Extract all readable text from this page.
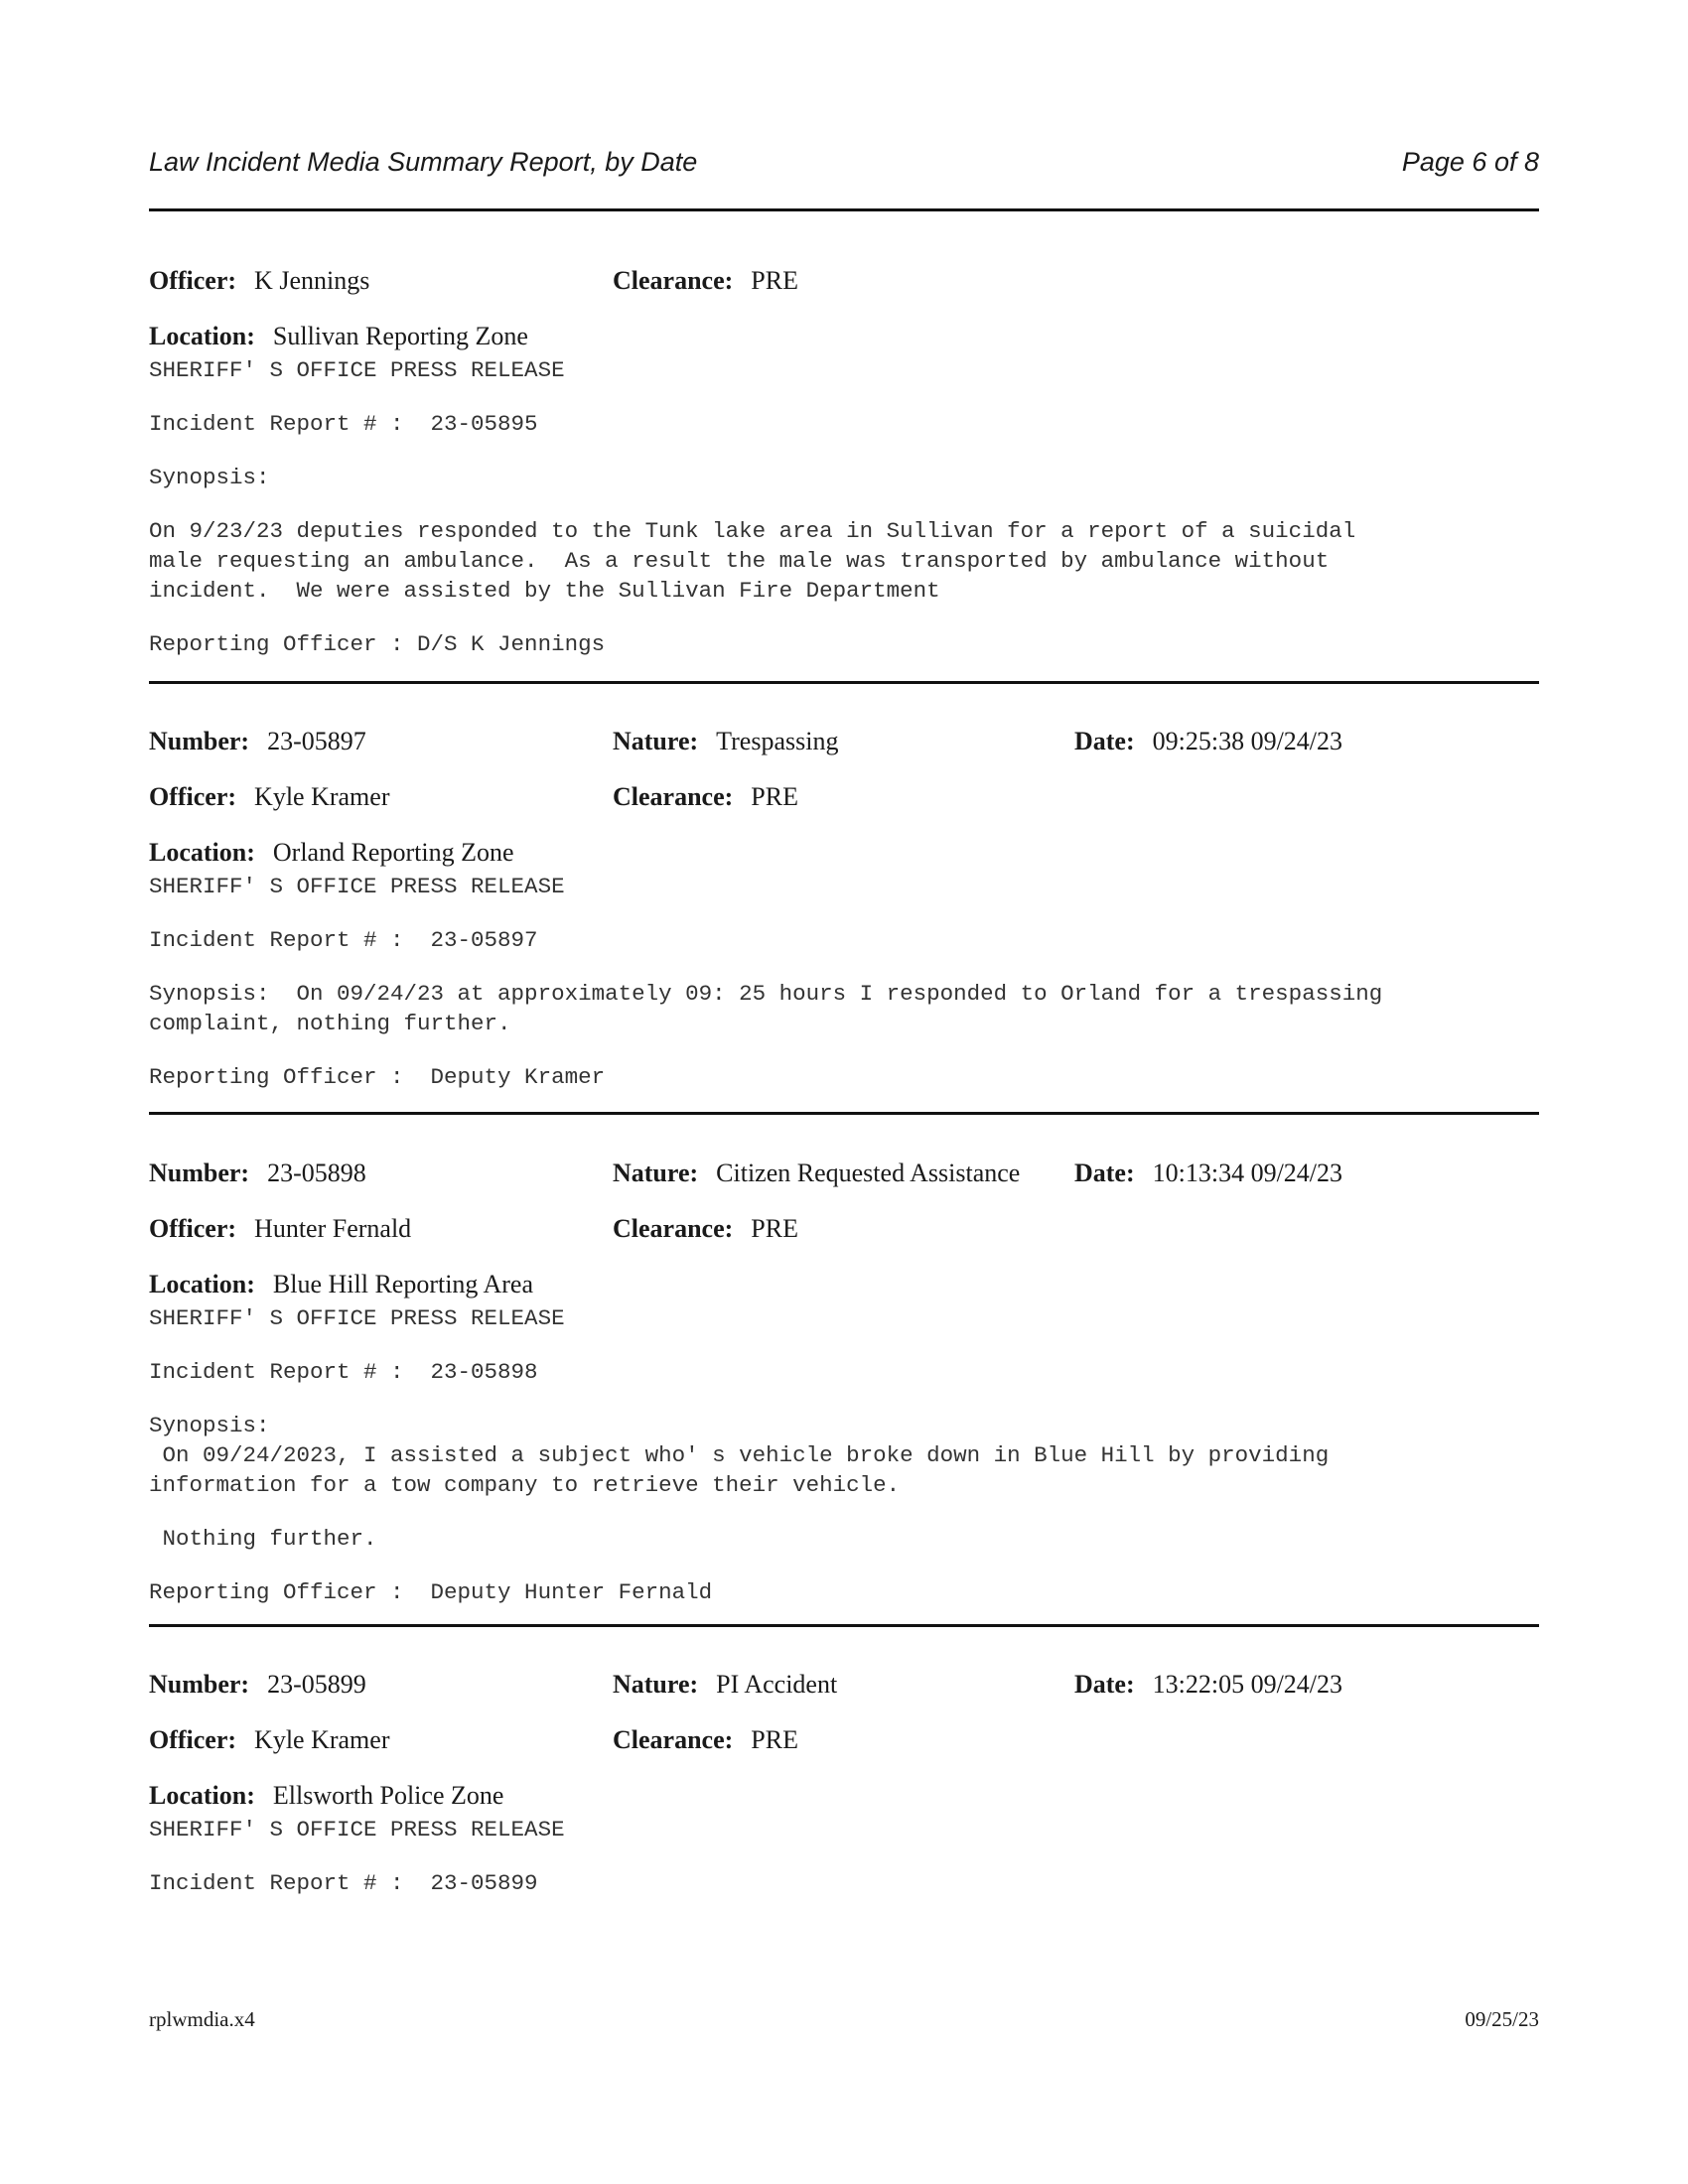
Law Incident Media Summary Report, by Date	Page 6 of 8
Officer: K Jennings	Clearance: PRE
Location: Sullivan Reporting Zone
SHERIFF' S OFFICE PRESS RELEASE
Incident Report # :  23-05895
Synopsis:
On 9/23/23 deputies responded to the Tunk lake area in Sullivan for a report of a suicidal
male requesting an ambulance.  As a result the male was transported by ambulance without
incident.  We were assisted by the Sullivan Fire Department
Reporting Officer : D/S K Jennings
Number: 23-05897	Nature: Trespassing	Date: 09:25:38 09/24/23
Officer: Kyle Kramer	Clearance: PRE
Location: Orland Reporting Zone
SHERIFF' S OFFICE PRESS RELEASE
Incident Report # :  23-05897
Synopsis:  On 09/24/23 at approximately 09: 25 hours I responded to Orland for a trespassing
complaint, nothing further.
Reporting Officer :  Deputy Kramer
Number: 23-05898	Nature: Citizen Requested Assistance Date: 10:13:34 09/24/23
Officer: Hunter Fernald	Clearance: PRE
Location: Blue Hill Reporting Area
SHERIFF' S OFFICE PRESS RELEASE
Incident Report # :  23-05898
Synopsis:
On 09/24/2023, I assisted a subject who' s vehicle broke down in Blue Hill by providing
information for a tow company to retrieve their vehicle.
Nothing further.
Reporting Officer :  Deputy Hunter Fernald
Number: 23-05899	Nature: PI Accident	Date: 13:22:05 09/24/23
Officer: Kyle Kramer	Clearance: PRE
Location: Ellsworth Police Zone
SHERIFF' S OFFICE PRESS RELEASE
Incident Report # :  23-05899
rplwmdia.x4	09/25/23
